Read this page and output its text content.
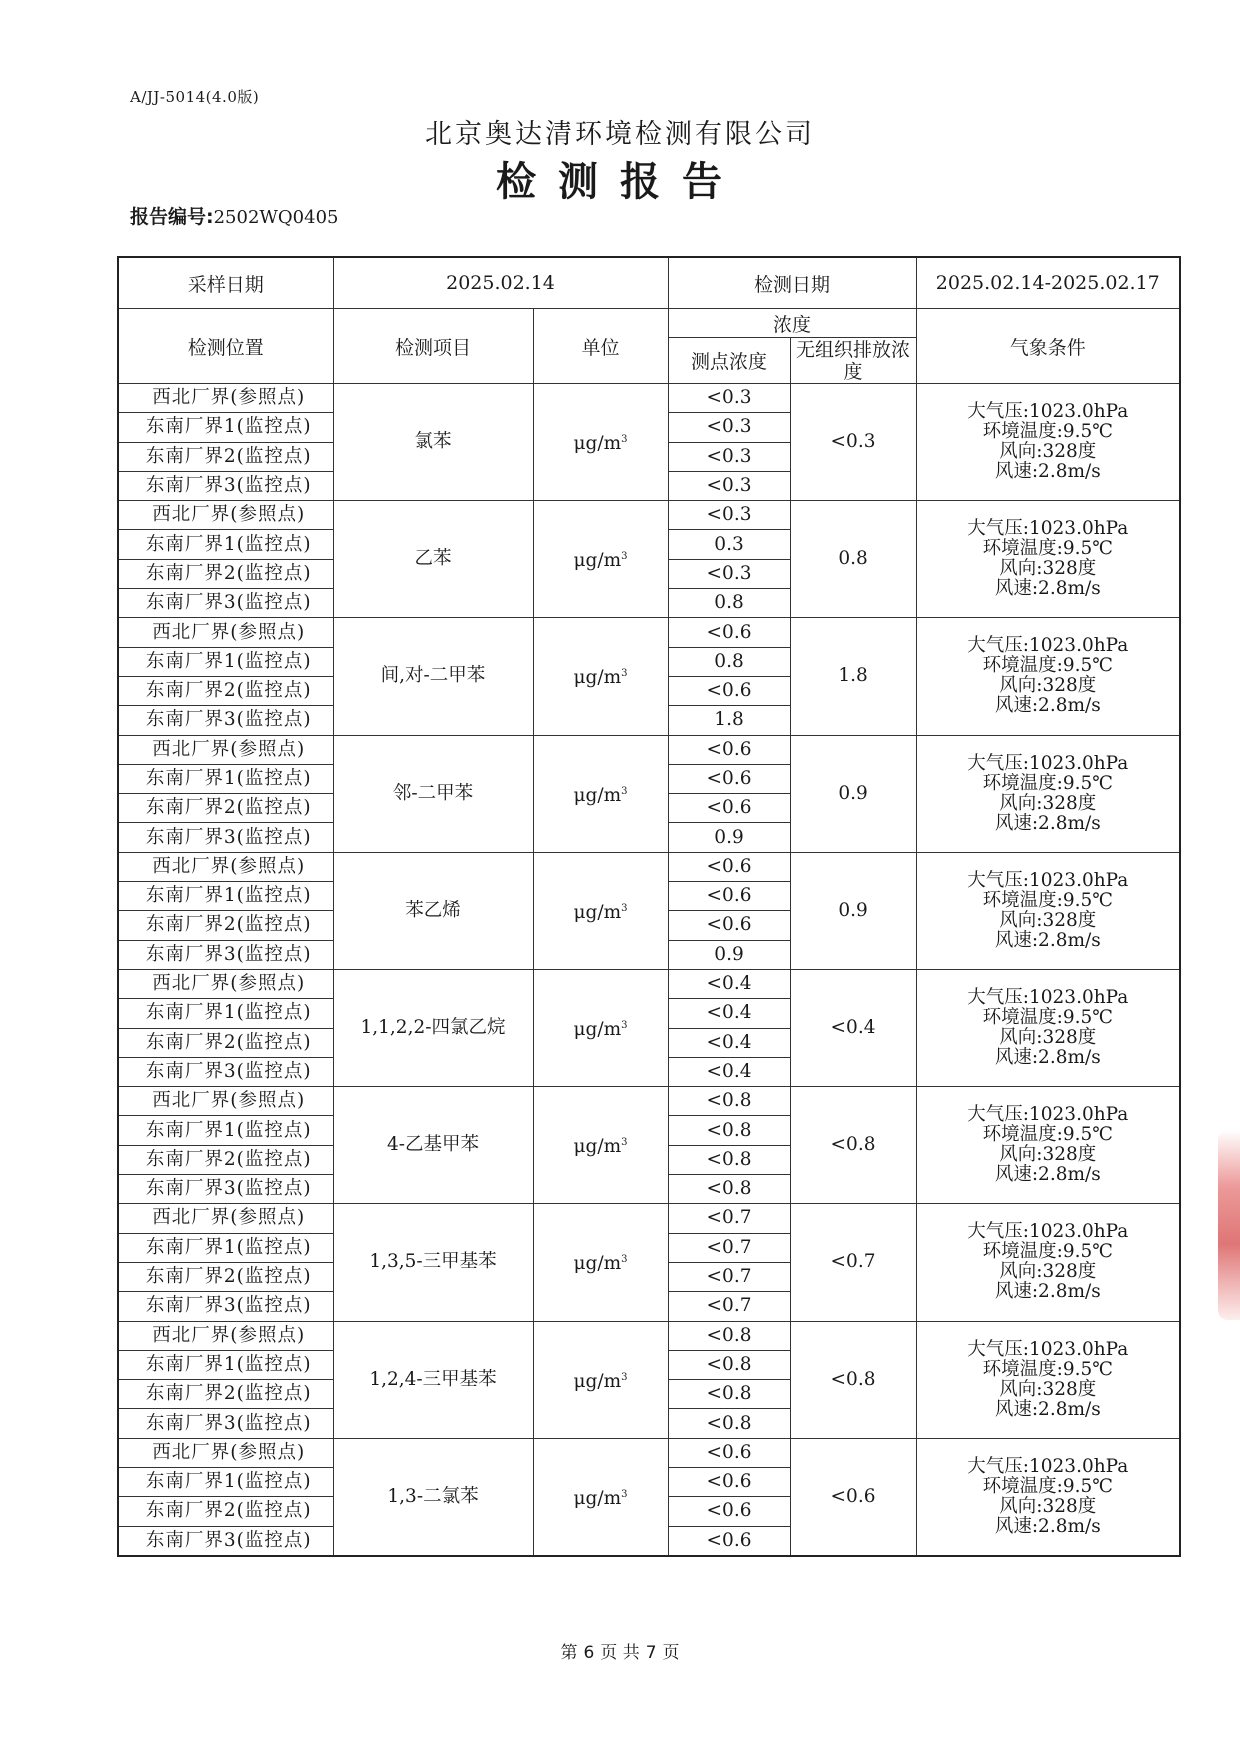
A/JJ-5014(4.0版)
北京奥达清环境检测有限公司
检测报告
报告编号:2502WQ0405
采样日期	2025.02.14		检测日期		2025.02.14-2025.02.17
检测位置	检测项目	单位	浓度		气象条件
			测点浓度	无组织排放浓度	
西北厂界(参照点)	氯苯	$\mu g/m^3$	<0.3	<0.3	大气压:1023.0hPa
环境温度:9.5℃
风向:328度
风速:2.8m/s

东南厂界1(监控点)			<0.3		
东南厂界2(监控点)			<0.3		
东南厂界3(监控点)			<0.3		
西北厂界(参照点)	乙苯	$\mu g/m^3$	<0.3	0.8	大气压:1023.0hPa
环境温度:9.5℃
风向:328度
风速:2.8m/s

东南厂界1(监控点)			0.3		
东南厂界2(监控点)			<0.3		
东南厂界3(监控点)			0.8		
西北厂界(参照点)	间,对-二甲苯	$\mu g/m^3$	<0.6	1.8	大气压:1023.0hPa
环境温度:9.5℃
风向:328度
风速:2.8m/s

东南厂界1(监控点)			0.8		
东南厂界2(监控点)			<0.6		
东南厂界3(监控点)			1.8		
西北厂界(参照点)	邻-二甲苯	$\mu g/m^3$	<0.6	0.9	大气压:1023.0hPa
环境温度:9.5℃
风向:328度
风速:2.8m/s

东南厂界1(监控点)			<0.6		
东南厂界2(监控点)			<0.6		
东南厂界3(监控点)			0.9		
西北厂界(参照点)	苯乙烯	$\mu g/m^3$	<0.6	0.9	大气压:1023.0hPa
环境温度:9.5℃
风向:328度
风速:2.8m/s

东南厂界1(监控点)			<0.6		
东南厂界2(监控点)			<0.6		
东南厂界3(监控点)			0.9		
西北厂界(参照点)	1,1,2,2-四氯乙烷	$\mu g/m^3$	<0.4	<0.4	大气压:1023.0hPa
环境温度:9.5℃
风向:328度
风速:2.8m/s

东南厂界1(监控点)			<0.4		
东南厂界2(监控点)			<0.4		
东南厂界3(监控点)			<0.4		
西北厂界(参照点)	4-乙基甲苯	$\mu g/m^3$	<0.8	<0.8	大气压:1023.0hPa
环境温度:9.5℃
风向:328度
风速:2.8m/s

东南厂界1(监控点)			<0.8		
东南厂界2(监控点)			<0.8		
东南厂界3(监控点)			<0.8		
西北厂界(参照点)	1,3,5-三甲基苯	$\mu g/m^3$	<0.7	<0.7	大气压:1023.0hPa
环境温度:9.5℃
风向:328度
风速:2.8m/s

东南厂界1(监控点)			<0.7		
东南厂界2(监控点)			<0.7		
东南厂界3(监控点)			<0.7		
西北厂界(参照点)	1,2,4-三甲基苯	$\mu g/m^3$	<0.8	<0.8	大气压:1023.0hPa
环境温度:9.5℃
风向:328度
风速:2.8m/s

东南厂界1(监控点)			<0.8		
东南厂界2(监控点)			<0.8		
东南厂界3(监控点)			<0.8		
西北厂界(参照点)	1,3-二氯苯	$\mu g/m^3$	<0.6	<0.6	大气压:1023.0hPa
环境温度:9.5℃
风向:328度
风速:2.8m/s

东南厂界1(监控点)			<0.6		
东南厂界2(监控点)			<0.6		
东南厂界3(监控点)			<0.6		
第 6 页 共 7 页
